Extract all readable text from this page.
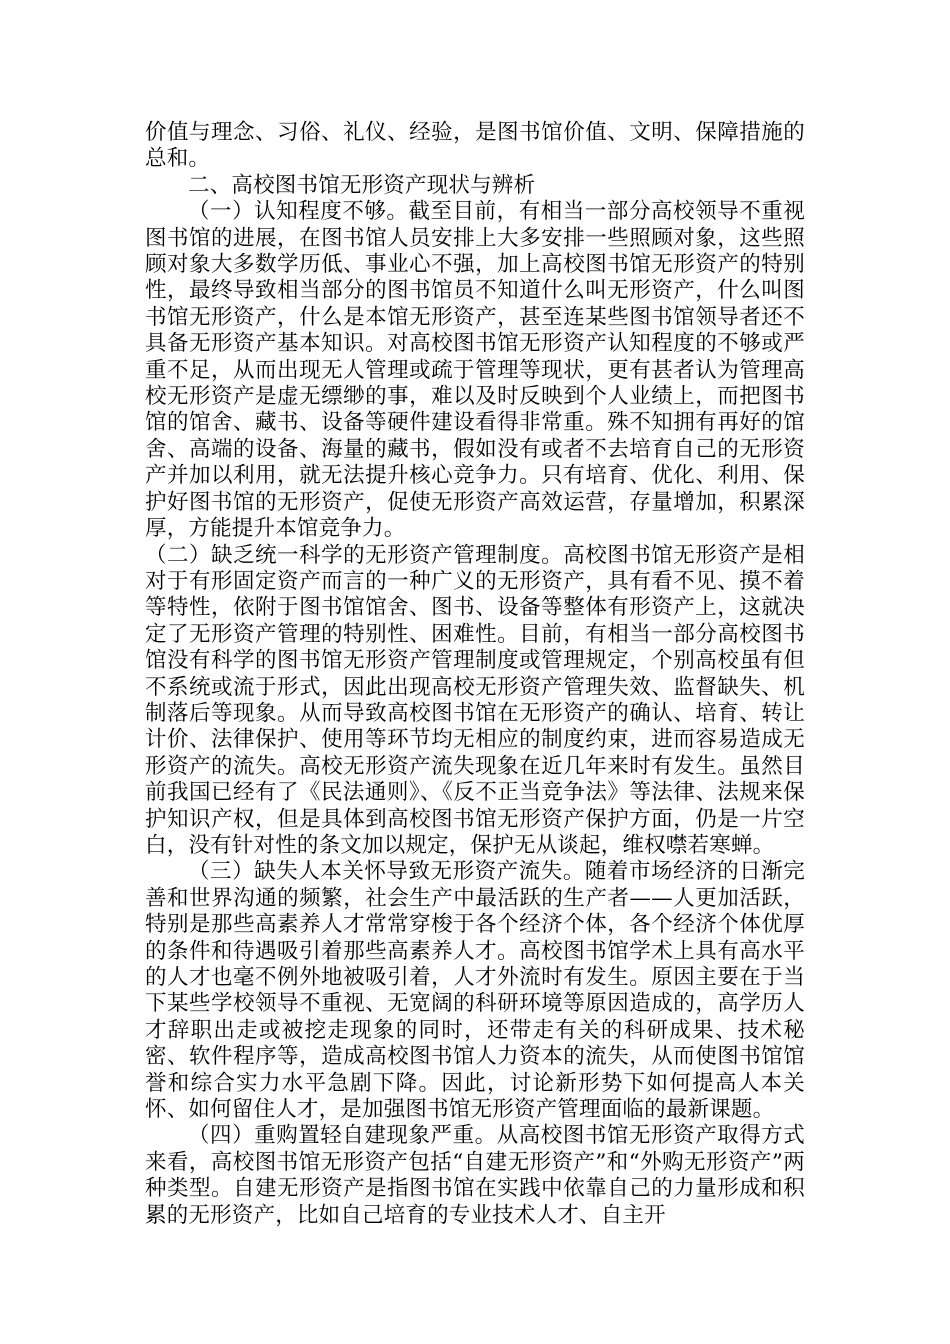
价值与理念、习俗、礼仪、经验，是图书馆价值、文明、保障措施的总和。

二、高校图书馆无形资产现状与辨析

（一）认知程度不够。截至目前，有相当一部分高校领导不重视图书馆的进展，在图书馆人员安排上大多安排一些照顾对象，这些照顾对象大多数学历低、事业心不强，加上高校图书馆无形资产的特别性，最终导致相当部分的图书馆员不知道什么叫无形资产，什么叫图书馆无形资产，什么是本馆无形资产，甚至连某些图书馆领导者还不具备无形资产基本知识。对高校图书馆无形资产认知程度的不够或严重不足，从而出现无人管理或疏于管理等现状，更有甚者认为管理高校无形资产是虚无缥缈的事，难以及时反映到个人业绩上，而把图书馆的馆舍、藏书、设备等硬件建设看得非常重。殊不知拥有再好的馆舍、高端的设备、海量的藏书，假如没有或者不去培育自己的无形资产并加以利用，就无法提升核心竞争力。只有培育、优化、利用、保护好图书馆的无形资产，促使无形资产高效运营，存量增加，积累深厚，方能提升本馆竞争力。

（二）缺乏统一科学的无形资产管理制度。高校图书馆无形资产是相对于有形固定资产而言的一种广义的无形资产，具有看不见、摸不着等特性，依附于图书馆馆舍、图书、设备等整体有形资产上，这就决定了无形资产管理的特别性、困难性。目前，有相当一部分高校图书馆没有科学的图书馆无形资产管理制度或管理规定，个别高校虽有但不系统或流于形式，因此出现高校无形资产管理失效、监督缺失、机制落后等现象。从而导致高校图书馆在无形资产的确认、培育、转让计价、法律保护、使用等环节均无相应的制度约束，进而容易造成无形资产的流失。高校无形资产流失现象在近几年来时有发生。虽然目前我国已经有了《民法通则》、《反不正当竞争法》等法律、法规来保护知识产权，但是具体到高校图书馆无形资产保护方面，仍是一片空白，没有针对性的条文加以规定，保护无从谈起，维权噤若寒蝉。

（三）缺失人本关怀导致无形资产流失。随着市场经济的日渐完善和世界沟通的频繁，社会生产中最活跃的生产者——人更加活跃，特别是那些高素养人才常常穿梭于各个经济个体，各个经济个体优厚的条件和待遇吸引着那些高素养人才。高校图书馆学术上具有高水平的人才也毫不例外地被吸引着，人才外流时有发生。原因主要在于当下某些学校领导不重视、无宽阔的科研环境等原因造成的，高学历人才辞职出走或被挖走现象的同时，还带走有关的科研成果、技术秘密、软件程序等，造成高校图书馆人力资本的流失，从而使图书馆馆誉和综合实力水平急剧下降。因此，讨论新形势下如何提高人本关怀、如何留住人才，是加强图书馆无形资产管理面临的最新课题。

（四）重购置轻自建现象严重。从高校图书馆无形资产取得方式来看，高校图书馆无形资产包括“自建无形资产”和“外购无形资产”两种类型。自建无形资产是指图书馆在实践中依靠自己的力量形成和积累的无形资产，比如自己培育的专业技术人才、自主开
